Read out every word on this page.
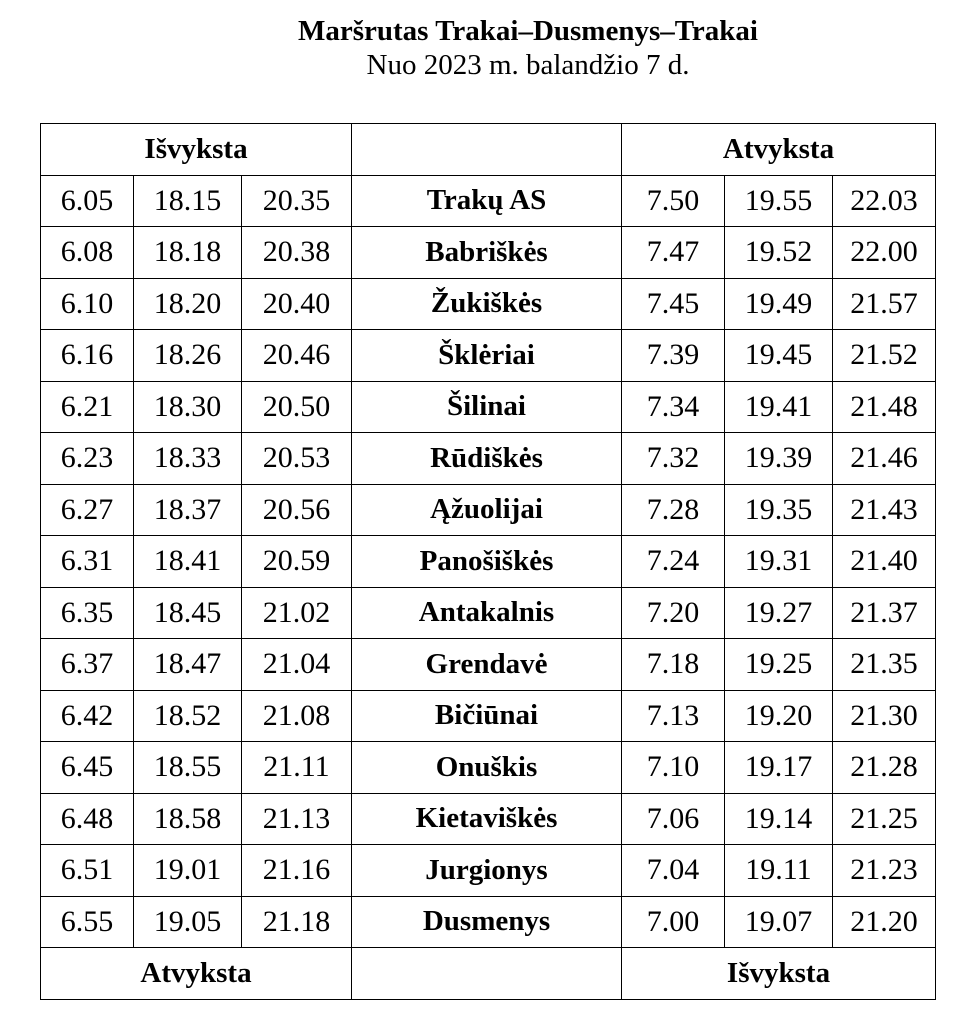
Maršrutas Trakai–Dusmenys–Trakai
Nuo 2023 m. balandžio 7 d.
Išvyksta				Atvyksta		
6.05	18.15	20.35	Trakų AS	7.50	19.55	22.03
6.08	18.18	20.38	Babriškės	7.47	19.52	22.00
6.10	18.20	20.40	Žukiškės	7.45	19.49	21.57
6.16	18.26	20.46	Šklėriai	7.39	19.45	21.52
6.21	18.30	20.50	Šilinai	7.34	19.41	21.48
6.23	18.33	20.53	Rūdiškės	7.32	19.39	21.46
6.27	18.37	20.56	Ąžuolijai	7.28	19.35	21.43
6.31	18.41	20.59	Panošiškės	7.24	19.31	21.40
6.35	18.45	21.02	Antakalnis	7.20	19.27	21.37
6.37	18.47	21.04	Grendavė	7.18	19.25	21.35
6.42	18.52	21.08	Bičiūnai	7.13	19.20	21.30
6.45	18.55	21.11	Onuškis	7.10	19.17	21.28
6.48	18.58	21.13	Kietaviškės	7.06	19.14	21.25
6.51	19.01	21.16	Jurgionys	7.04	19.11	21.23
6.55	19.05	21.18	Dusmenys	7.00	19.07	21.20
Atvyksta				Išvyksta		
